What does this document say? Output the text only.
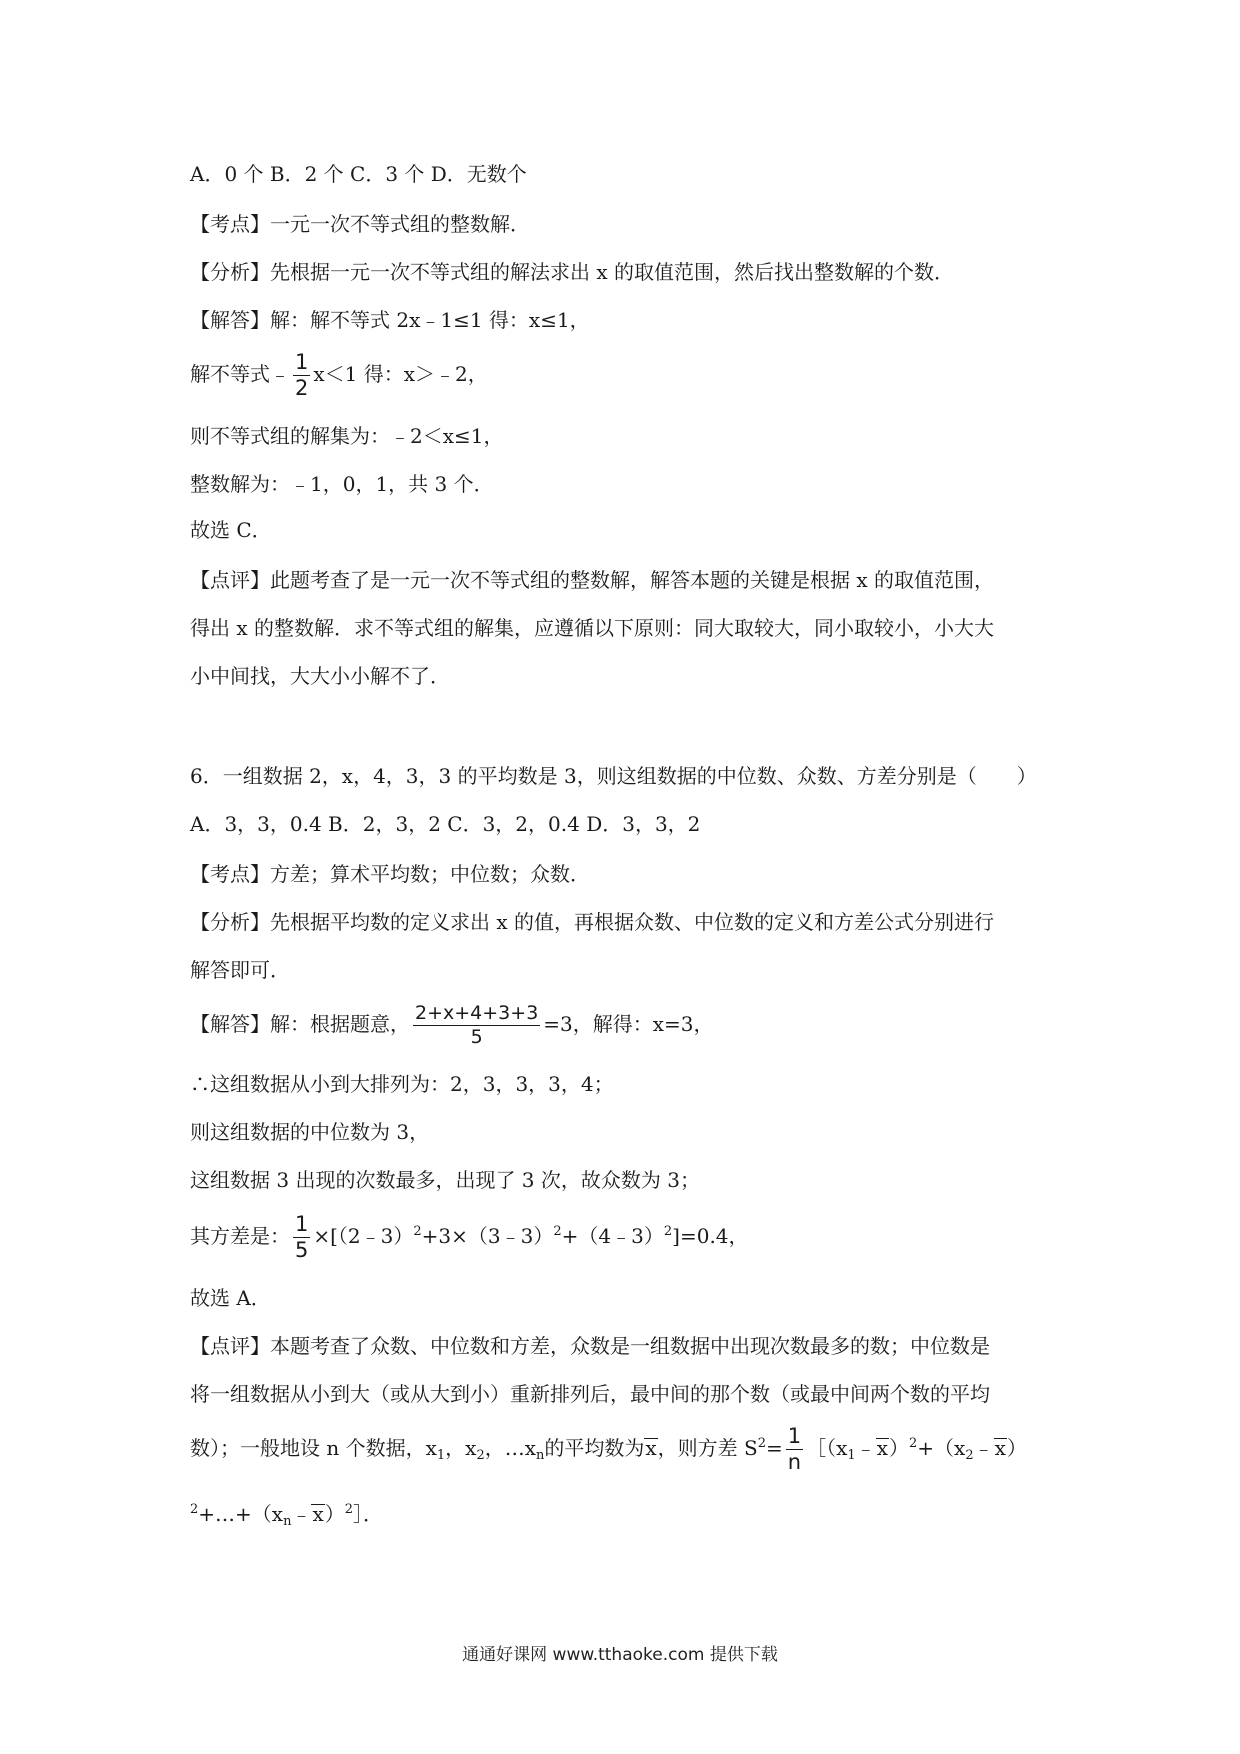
A．0 个 B．2 个 C．3 个 D．无数个
【考点】一元一次不等式组的整数解．
【分析】先根据一元一次不等式组的解法求出 x 的取值范围，然后找出整数解的个数．
【解答】解：解不等式 2x﹣1≤1 得：x≤1，
解不等式﹣ $\frac{1}{2} x<1$ 得：x＞﹣2，
则不等式组的解集为：﹣2＜x≤1，
整数解为：﹣1，0，1，共 3 个．
故选 C．
【点评】此题考查了是一元一次不等式组的整数解，解答本题的关键是根据 x 的取值范围，
得出 x 的整数解．求不等式组的解集，应遵循以下原则：同大取较大，同小取较小，小大大
小中间找，大大小小解不了．
6．一组数据 2，x，4，3，3 的平均数是 3，则这组数据的中位数、众数、方差分别是（　　）
A．3，3，0.4 B．2，3，2 C．3，2，0.4 D．3，3，2
【考点】方差；算术平均数；中位数；众数．
【分析】先根据平均数的定义求出 x 的值，再根据众数、中位数的定义和方差公式分别进行
解答即可．
【解答】解：根据题意， $\frac{2+x+4+3+3}{5} =3$，解得：x=3，
∴这组数据从小到大排列为：2，3，3，3，4；
则这组数据的中位数为 3，
这组数据 3 出现的次数最多，出现了 3 次，故众数为 3；
其方差是： $\frac{1}{5}$ ×[（2﹣3）$^2$+3×（3﹣3）$^2$+（4﹣3）$^2$]=0.4，
故选 A．
【点评】本题考查了众数、中位数和方差，众数是一组数据中出现次数最多的数；中位数是
将一组数据从小到大（或从大到小）重新排列后，最中间的那个数（或最中间两个数的平均
数）；一般地设 n 个数据，$x_1$，$x_2$，$\dots x_n$的平均数为x，则方差 $S^2= \frac{1}{n}$ $[(x_1﹣x)^2+(x_2﹣x)$
$^2+\dots+(x_n﹣x)^2]$．
通通好课网 www.tthaoke.com 提供下载
